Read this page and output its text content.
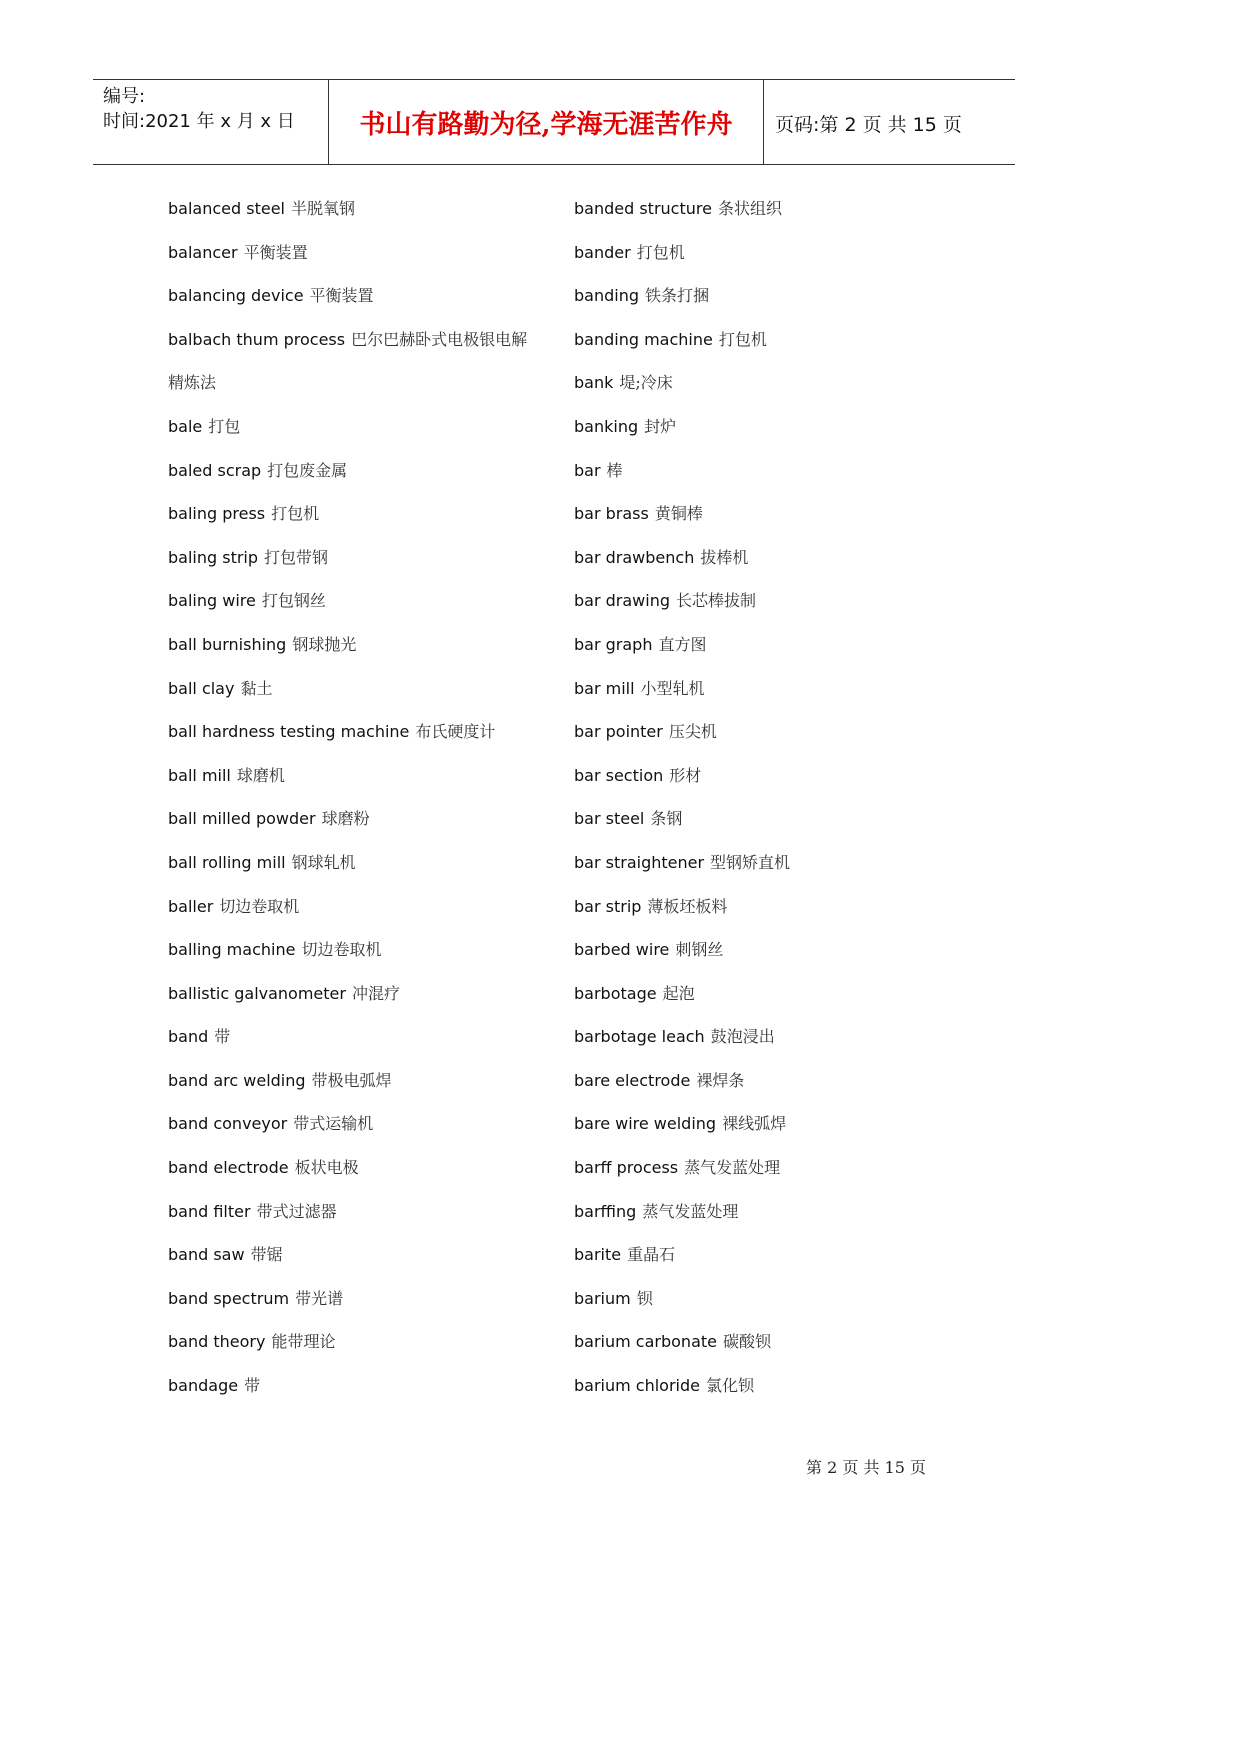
编号:
时间:2021 年 x 月 x 日	书山有路勤为径,学海无涯苦作舟	页码:第 2 页 共 15 页
balanced steel 半脱氧钢
balancer 平衡装置
balancing device 平衡装置
balbach thum process 巴尔巴赫卧式电极银电解精炼法
bale 打包
baled scrap 打包废金属
baling press 打包机
baling strip 打包带钢
baling wire 打包钢丝
ball burnishing 钢球抛光
ball clay 黏土
ball hardness testing machine 布氏硬度计
ball mill 球磨机
ball milled powder 球磨粉
ball rolling mill 钢球轧机
baller 切边卷取机
balling machine 切边卷取机
ballistic galvanometer 冲混疗
band 带
band arc welding 带极电弧焊
band conveyor 带式运输机
band electrode 板状电极
band filter 带式过滤器
band saw 带锯
band spectrum 带光谱
band theory 能带理论
bandage 带
banded structure 条状组织
bander 打包机
banding 铁条打捆
banding machine 打包机
bank 堤;冷床
banking 封炉
bar 棒
bar brass 黄铜棒
bar drawbench 拔棒机
bar drawing 长芯棒拔制
bar graph 直方图
bar mill 小型轧机
bar pointer 压尖机
bar section 形材
bar steel 条钢
bar straightener 型钢矫直机
bar strip 薄板坯板料
barbed wire 刺钢丝
barbotage 起泡
barbotage leach 鼓泡浸出
bare electrode 裸焊条
bare wire welding 裸线弧焊
barff process 蒸气发蓝处理
barffing 蒸气发蓝处理
barite 重晶石
barium 钡
barium carbonate 碳酸钡
barium chloride 氯化钡
第 2 页 共 15 页
